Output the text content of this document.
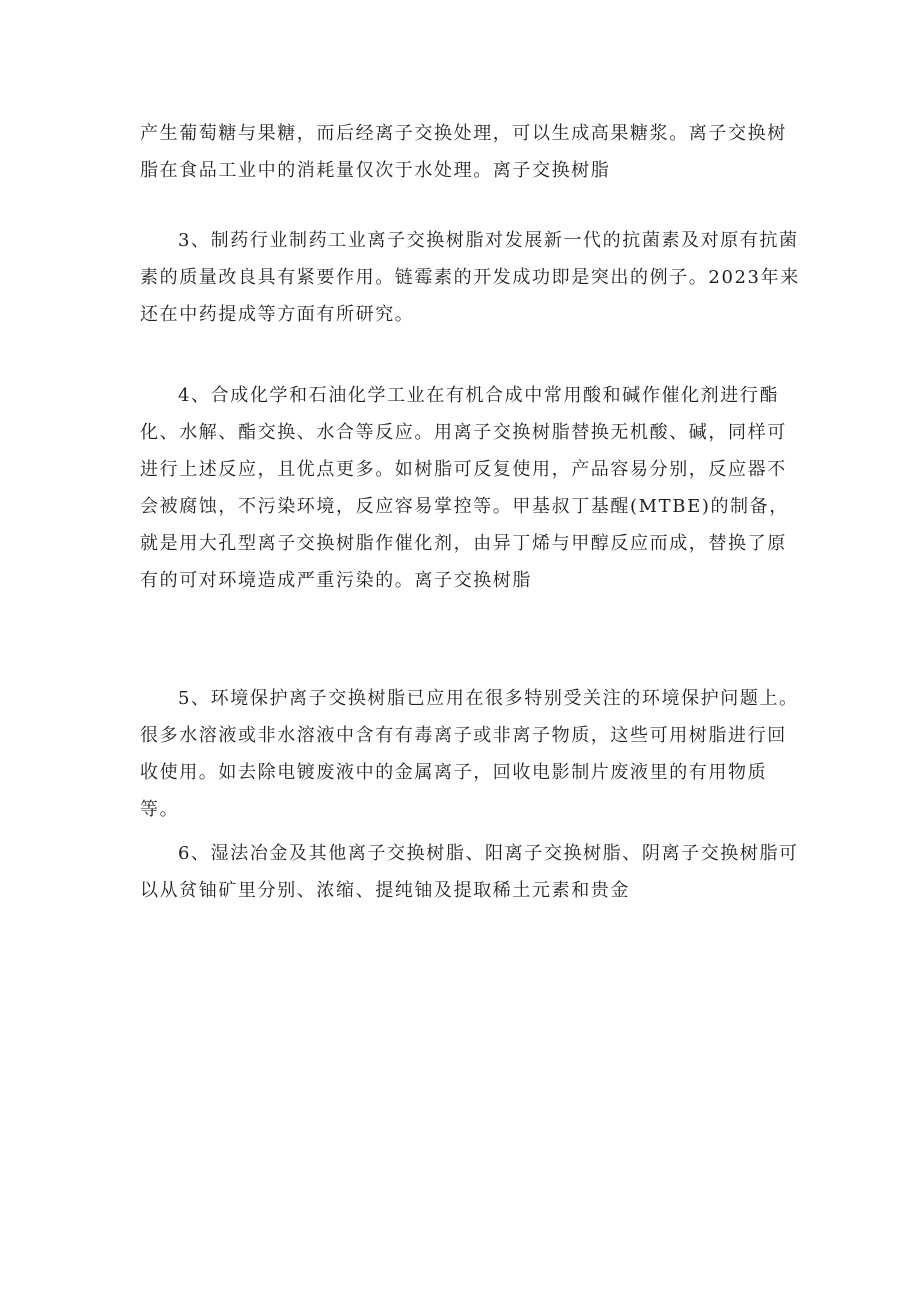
产生葡萄糖与果糖，而后经离子交换处理，可以生成高果糖浆。离子交换树脂在食品工业中的消耗量仅次于水处理。离子交换树脂

3、制药行业制药工业离子交换树脂对发展新一代的抗菌素及对原有抗菌素的质量改良具有紧要作用。链霉素的开发成功即是突出的例子。2023年来还在中药提成等方面有所研究。

4、合成化学和石油化学工业在有机合成中常用酸和碱作催化剂进行酯化、水解、酯交换、水合等反应。用离子交换树脂替换无机酸、碱，同样可进行上述反应，且优点更多。如树脂可反复使用，产品容易分别，反应器不会被腐蚀，不污染环境，反应容易掌控等。甲基叔丁基醒(MTBE)的制备，就是用大孔型离子交换树脂作催化剂，由异丁烯与甲醇反应而成，替换了原有的可对环境造成严重污染的。离子交换树脂

5、环境保护离子交换树脂已应用在很多特别受关注的环境保护问题上。很多水溶液或非水溶液中含有有毒离子或非离子物质，这些可用树脂进行回收使用。如去除电镀废液中的金属离子，回收电影制片废液里的有用物质等。

6、湿法冶金及其他离子交换树脂、阳离子交换树脂、阴离子交换树脂可以从贫铀矿里分别、浓缩、提纯铀及提取稀土元素和贵金
